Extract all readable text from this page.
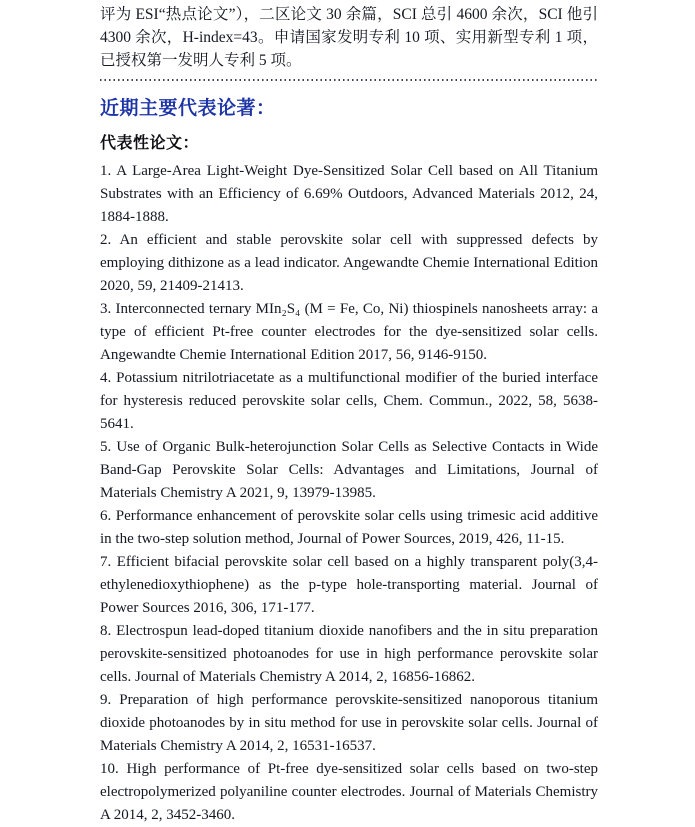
评为 ESI“热点论文”），二区论文 30 余篇，SCI 总引 4600 余次，SCI 他引 4300 余次，H-index=43。申请国家发明专利 10 项、实用新型专利 1 项，已授权第一发明人专利 5 项。

近期主要代表论著：
代表性论文：

1. A Large-Area Light-Weight Dye-Sensitized Solar Cell based on All Titanium Substrates with an Efficiency of 6.69% Outdoors, Advanced Materials 2012, 24, 1884-1888.

2. An efficient and stable perovskite solar cell with suppressed defects by employing dithizone as a lead indicator. Angewandte Chemie International Edition 2020, 59, 21409-21413.

3. Interconnected ternary MIn₂S₄ (M = Fe, Co, Ni) thiospinels nanosheets array: a type of efficient Pt-free counter electrodes for the dye-sensitized solar cells. Angewandte Chemie International Edition 2017, 56, 9146-9150.

4. Potassium nitrilotriacetate as a multifunctional modifier of the buried interface for hysteresis reduced perovskite solar cells, Chem. Commun., 2022, 58, 5638-5641.

5. Use of Organic Bulk-heterojunction Solar Cells as Selective Contacts in Wide Band-Gap Perovskite Solar Cells: Advantages and Limitations, Journal of Materials Chemistry A 2021, 9, 13979-13985.

6. Performance enhancement of perovskite solar cells using trimesic acid additive in the two-step solution method, Journal of Power Sources, 2019, 426, 11-15.

7. Efficient bifacial perovskite solar cell based on a highly transparent poly(3,4-ethylenedioxythiophene) as the p-type hole-transporting material. Journal of Power Sources 2016, 306, 171-177.

8. Electrospun lead-doped titanium dioxide nanofibers and the in situ preparation perovskite-sensitized photoanodes for use in high performance perovskite solar cells. Journal of Materials Chemistry A 2014, 2, 16856-16862.

9. Preparation of high performance perovskite-sensitized nanoporous titanium dioxide photoanodes by in situ method for use in perovskite solar cells. Journal of Materials Chemistry A 2014, 2, 16531-16537.

10. High performance of Pt-free dye-sensitized solar cells based on two-step electropolymerized polyaniline counter electrodes. Journal of Materials Chemistry A 2014, 2, 3452-3460.
